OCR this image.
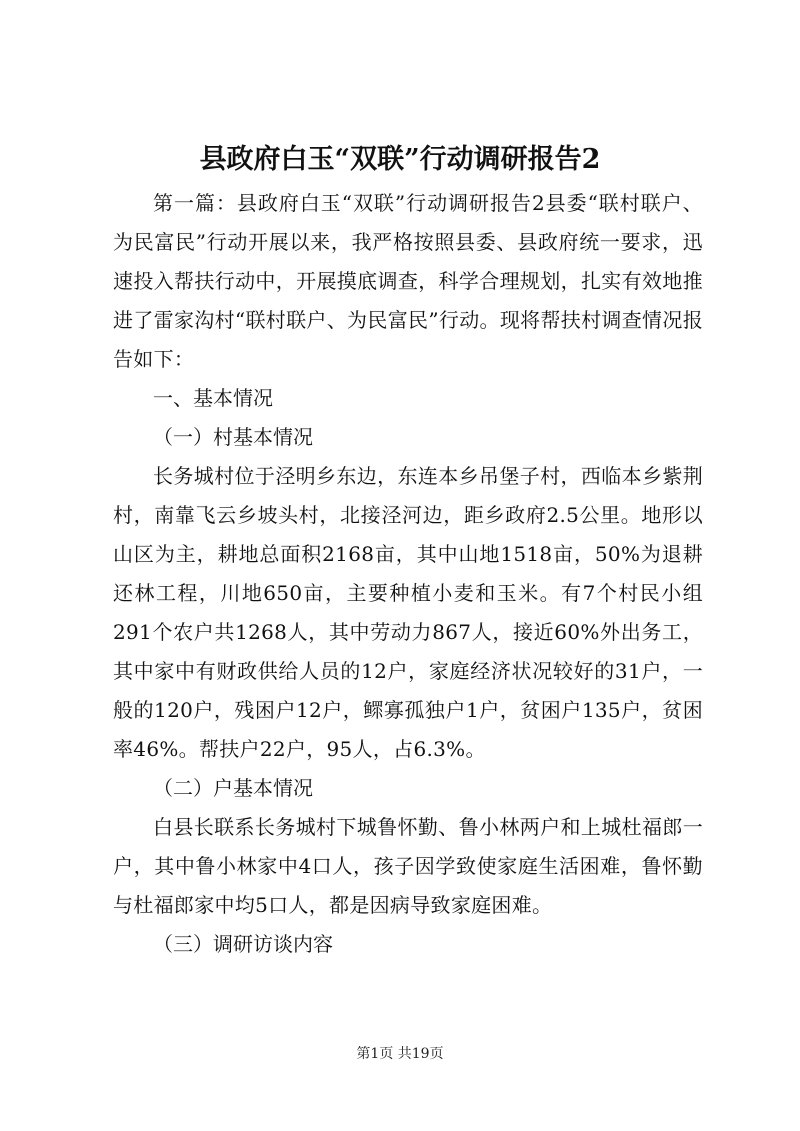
县政府白玉“双联”行动调研报告2

第一篇：县政府白玉“双联”行动调研报告2县委“联村联户、为民富民”行动开展以来，我严格按照县委、县政府统一要求，迅速投入帮扶行动中，开展摸底调查，科学合理规划，扎实有效地推进了雷家沟村“联村联户、为民富民”行动。现将帮扶村调查情况报告如下：

一、基本情况

（一）村基本情况

长务城村位于泾明乡东边，东连本乡吊堡子村，西临本乡紫荆村，南靠飞云乡坡头村，北接泾河边，距乡政府2.5公里。地形以山区为主，耕地总面积2168亩，其中山地1518亩，50%为退耕还林工程，川地650亩，主要种植小麦和玉米。有7个村民小组291个农户共1268人，其中劳动力867人，接近60%外出务工，其中家中有财政供给人员的12户，家庭经济状况较好的31户，一般的120户，残困户12户，鳏寡孤独户1户，贫困户135户，贫困率46%。帮扶户22户，95人，占6.3%。

（二）户基本情况

白县长联系长务城村下城鲁怀勤、鲁小林两户和上城杜福郎一户，其中鲁小林家中4口人，孩子因学致使家庭生活困难，鲁怀勤与杜福郎家中均5口人，都是因病导致家庭困难。

（三）调研访谈内容

第1页 共19页
